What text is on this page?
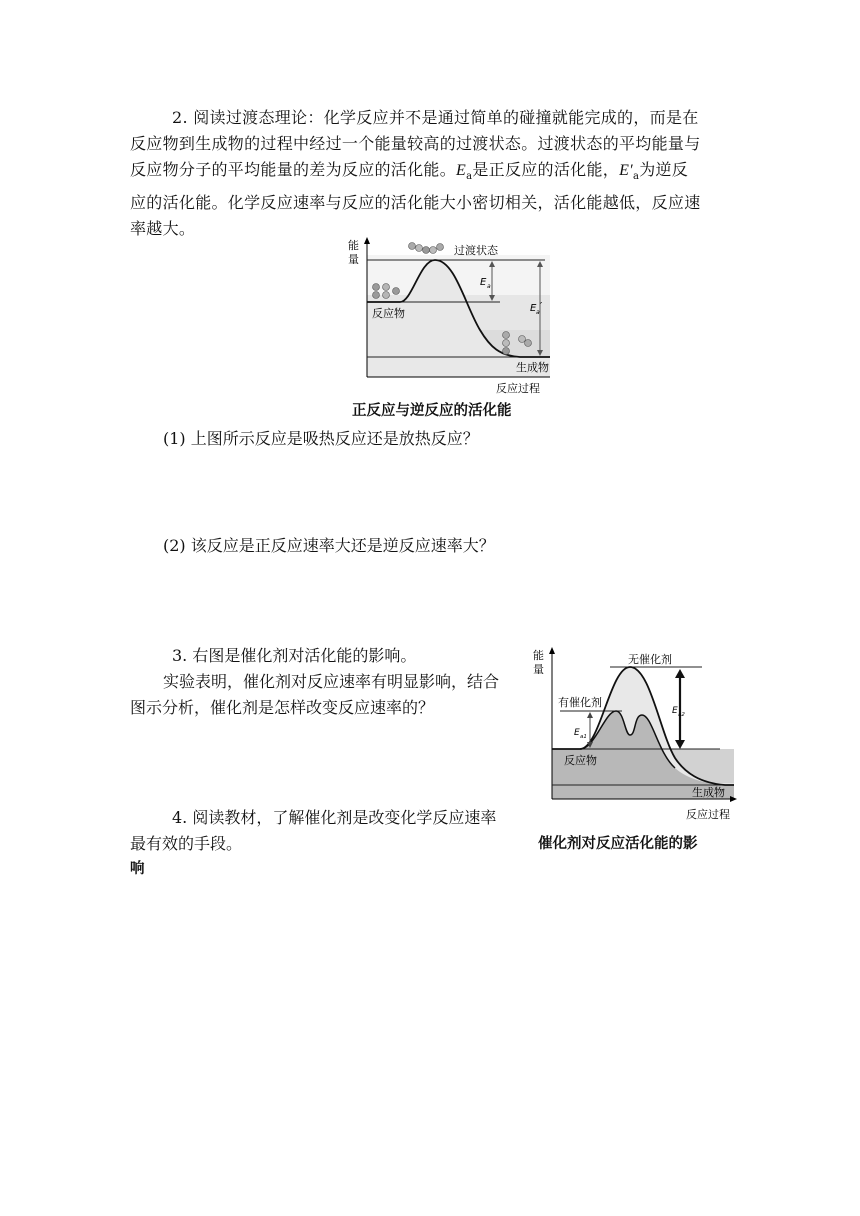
2. 阅读过渡态理论：化学反应并不是通过简单的碰撞就能完成的，而是在
反应物到生成物的过程中经过一个能量较高的过渡状态。过渡状态的平均能量与
反应物分子的平均能量的差为反应的活化能。$E_a$是正反应的活化能，$E'_a$为逆反
应的活化能。化学反应速率与反应的活化能大小密切相关，活化能越低，反应速
率越大。
能
量
过渡状态
反应物
生成物
反应过程
E a
E a
′
正反应与逆反应的活化能
(1) 上图所示反应是吸热反应还是放热反应？
(2) 该反应是正反应速率大还是逆反应速率大？
3. 右图是催化剂对活化能的影响。
实验表明，催化剂对反应速率有明显影响，结合
图示分析，催化剂是怎样改变反应速率的？
能
量
无催化剂
有催化剂
反应物
生成物
反应过程
E a1
E a2
4. 阅读教材，了解催化剂是改变化学反应速率
最有效的手段。	催化剂对反应活化能的影
响
